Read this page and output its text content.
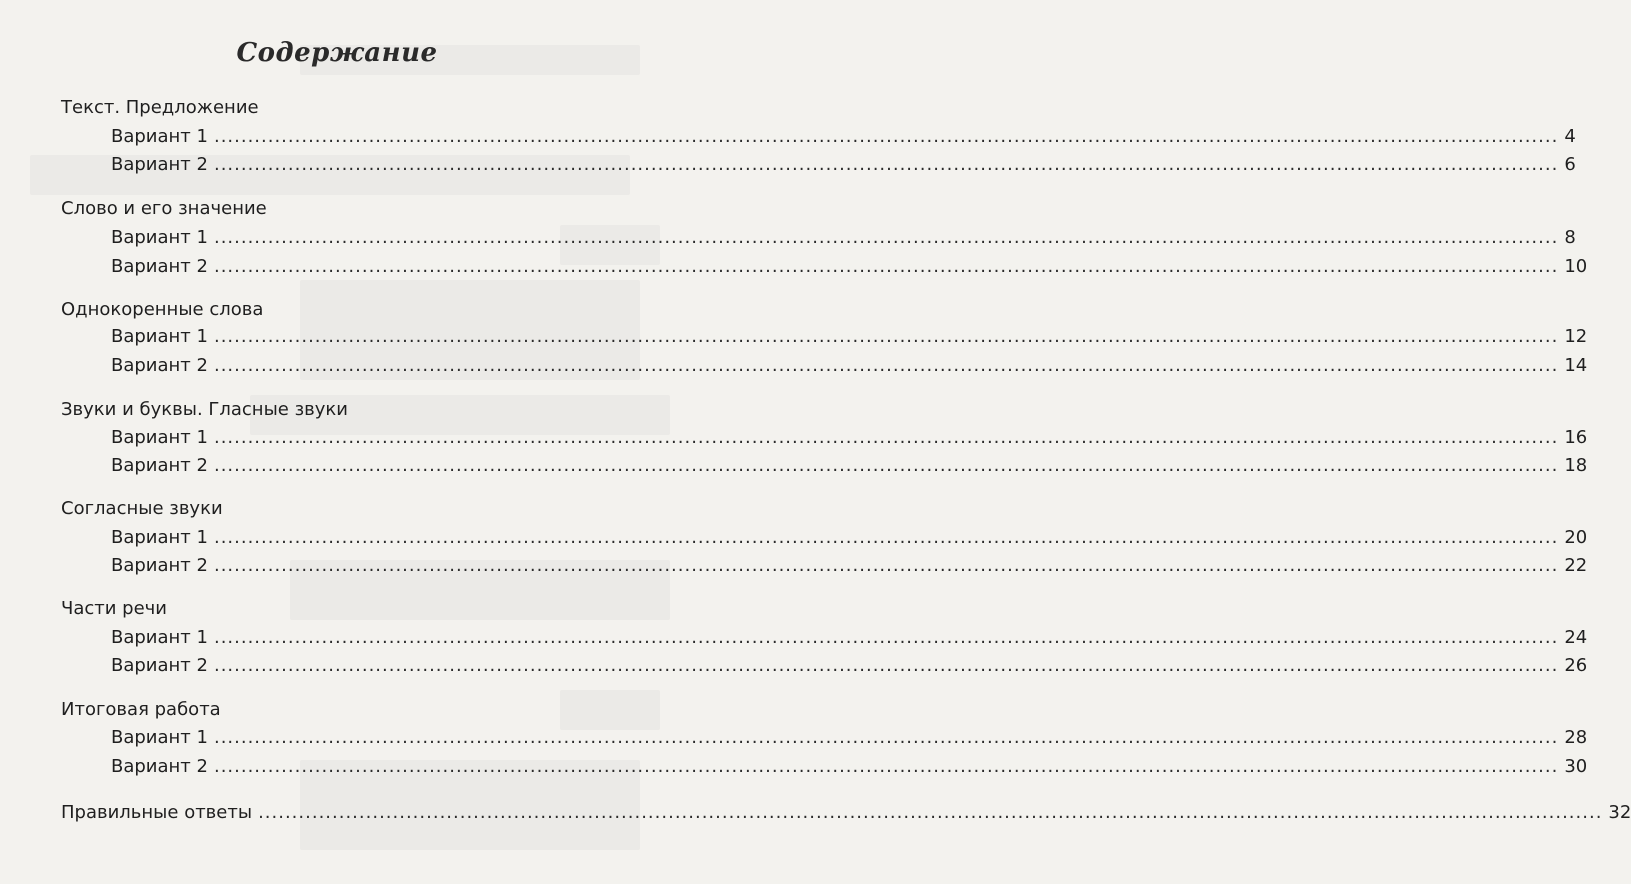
Содержание
Текст. Предложение
Вариант 1 ........................................................................................................................................................................................................ 4
Вариант 2 ........................................................................................................................................................................................................ 6
Слово и его значение
Вариант 1 ........................................................................................................................................................................................................ 8
Вариант 2 ........................................................................................................................................................................................................ 10
Однокоренные слова
Вариант 1 ........................................................................................................................................................................................................ 12
Вариант 2 ........................................................................................................................................................................................................ 14
Звуки и буквы. Гласные звуки
Вариант 1 ........................................................................................................................................................................................................ 16
Вариант 2 ........................................................................................................................................................................................................ 18
Согласные звуки
Вариант 1 ........................................................................................................................................................................................................ 20
Вариант 2 ........................................................................................................................................................................................................ 22
Части речи
Вариант 1 ........................................................................................................................................................................................................ 24
Вариант 2 ........................................................................................................................................................................................................ 26
Итоговая работа
Вариант 1 ........................................................................................................................................................................................................ 28
Вариант 2 ........................................................................................................................................................................................................ 30
Правильные ответы ........................................................................................................................................................................................................ 32
